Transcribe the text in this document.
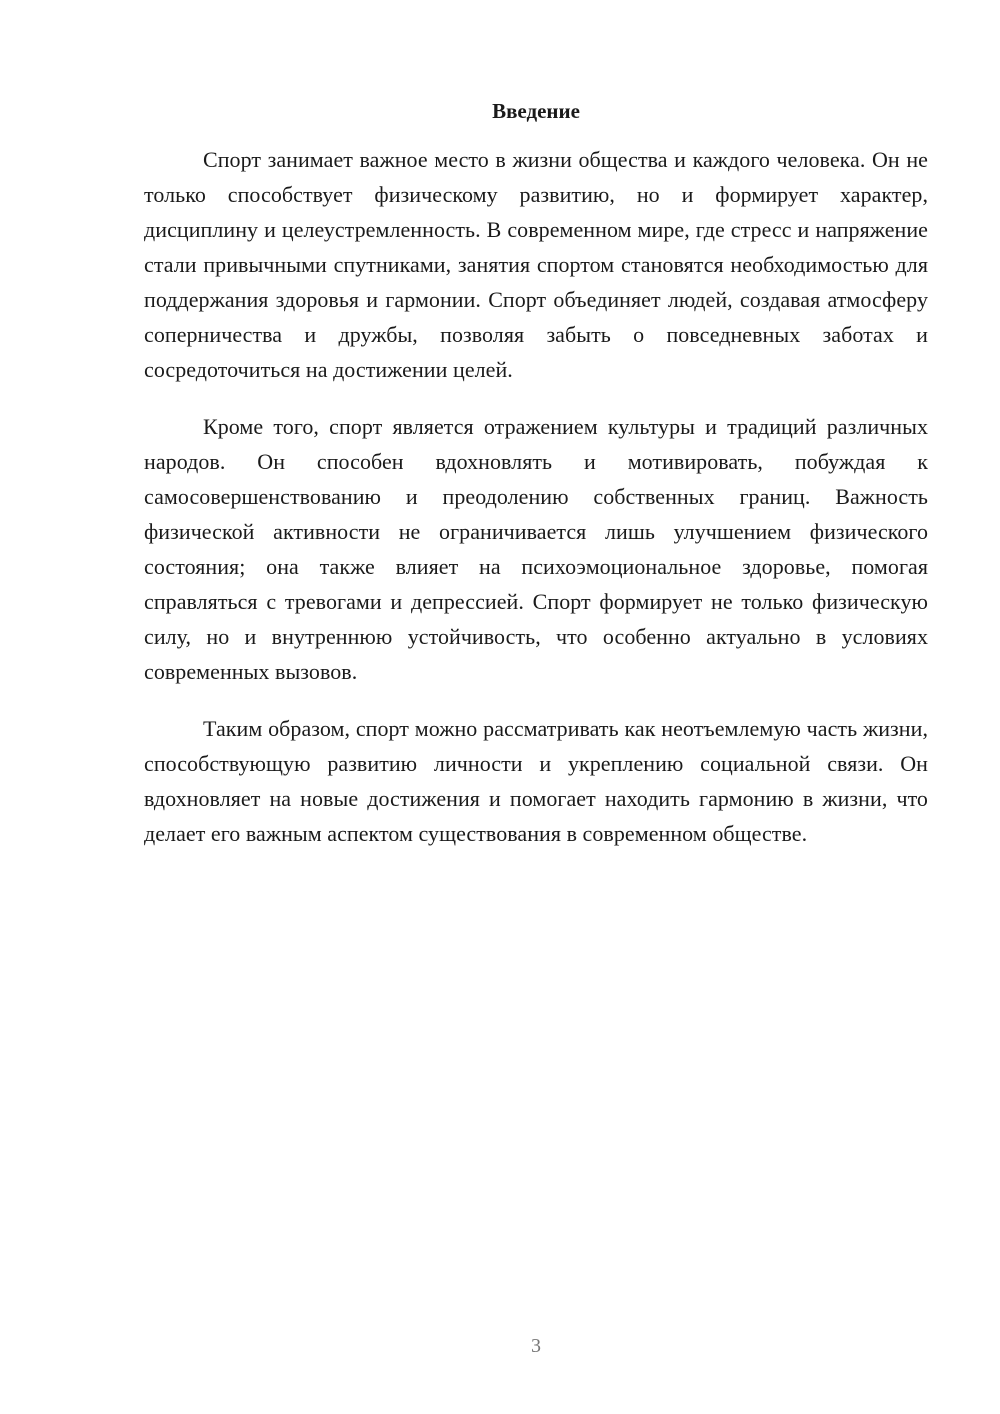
Введение

Спорт занимает важное место в жизни общества и каждого человека. Он не только способствует физическому развитию, но и формирует характер, дисциплину и целеустремленность. В современном мире, где стресс и напряжение стали привычными спутниками, занятия спортом становятся необходимостью для поддержания здоровья и гармонии. Спорт объединяет людей, создавая атмосферу соперничества и дружбы, позволяя забыть о повседневных заботах и сосредоточиться на достижении целей.

Кроме того, спорт является отражением культуры и традиций различных народов. Он способен вдохновлять и мотивировать, побуждая к самосовершенствованию и преодолению собственных границ. Важность физической активности не ограничивается лишь улучшением физического состояния; она также влияет на психоэмоциональное здоровье, помогая справляться с тревогами и депрессией. Спорт формирует не только физическую силу, но и внутреннюю устойчивость, что особенно актуально в условиях современных вызовов.

Таким образом, спорт можно рассматривать как неотъемлемую часть жизни, способствующую развитию личности и укреплению социальной связи. Он вдохновляет на новые достижения и помогает находить гармонию в жизни, что делает его важным аспектом существования в современном обществе.

3
